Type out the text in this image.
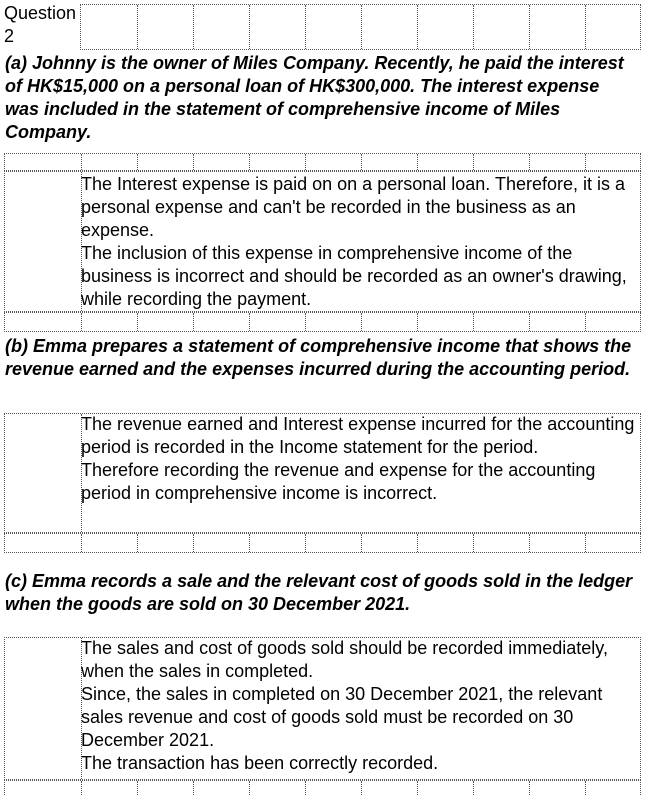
Question
2
(a) Johnny is the owner of Miles Company. Recently, he paid the interest of HK$15,000 on a personal loan of HK$300,000. The interest expense was included in the statement of comprehensive income of Miles Company.

The Interest expense is paid on on a personal loan. Therefore, it is a personal expense and can't be recorded in the business as an expense.

The inclusion of this expense in comprehensive income of the business is incorrect and should be recorded as an owner's drawing, while recording the payment.

(b) Emma prepares a statement of comprehensive income that shows the revenue earned and the expenses incurred during the accounting period.

The revenue earned and Interest expense incurred for the accounting period is recorded in the Income statement for the period.

Therefore recording the revenue and expense for the accounting period in comprehensive income is incorrect.

(c) Emma records a sale and the relevant cost of goods sold in the ledger when the goods are sold on 30 December 2021.

The sales and cost of goods sold should be recorded immediately, when the sales in completed.

Since, the sales in completed on 30 December 2021, the relevant sales revenue and cost of goods sold must be recorded on 30 December 2021.

The transaction has been correctly recorded.
